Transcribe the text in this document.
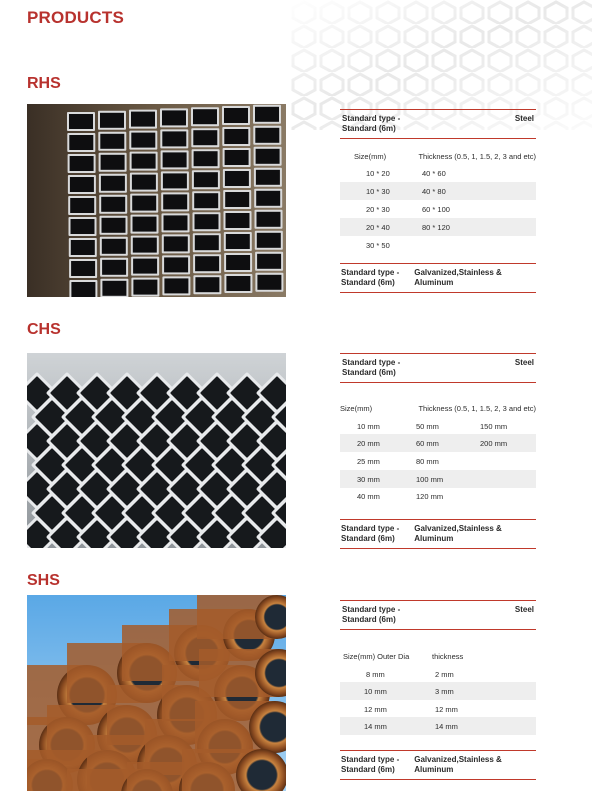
PRODUCTS
RHS
Standard type -
Standard (6m)
Steel
Size(mm)	Thickness (0.5, 1, 1.5, 2, 3 and etc)
10 * 20	40 * 60
10 * 30	40 * 80
20 * 30	60 * 100
20 * 40	80 * 120
30 * 50
Standard type -
Standard (6m)
Galvanized,Stainless & Aluminum
CHS
Standard type -
Standard (6m)
Steel
Size(mm)	Thickness (0.5, 1, 1.5, 2, 3 and etc)
10 mm	50 mm	150 mm
20 mm	60 mm	200 mm
25 mm	80 mm
30 mm	100 mm
40 mm	120 mm
Standard type -
Standard (6m)
Galvanized,Stainless & Aluminum
SHS
Standard type -
Standard (6m)
Steel
Size(mm) Outer Dia	thickness
8 mm	2 mm
10 mm	3 mm
12 mm	12 mm
14 mm	14 mm
Standard type -
Standard (6m)
Galvanized,Stainless & Aluminum
